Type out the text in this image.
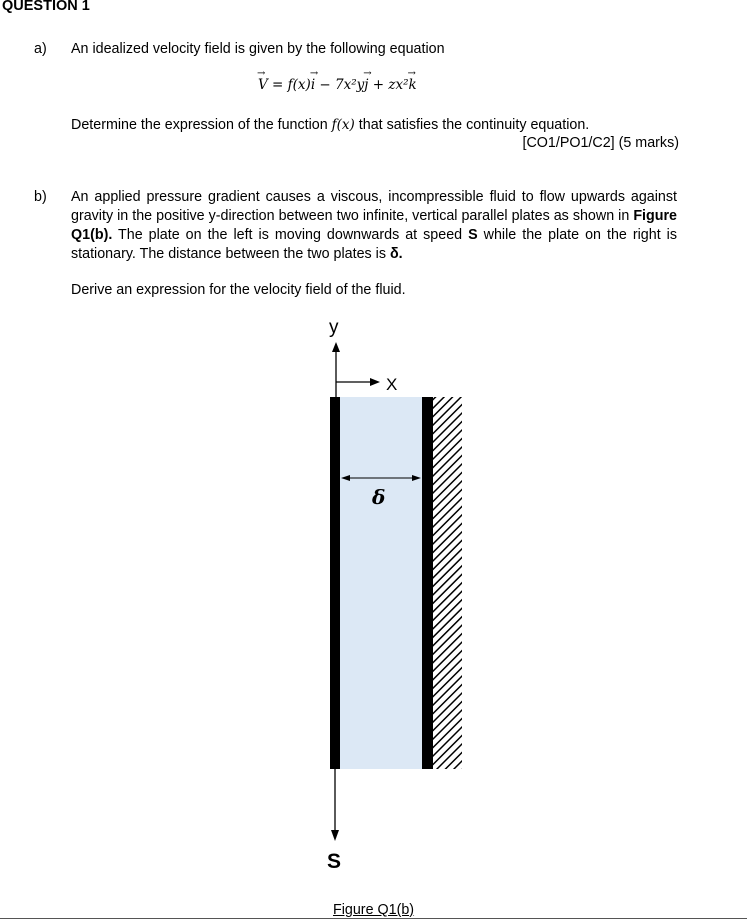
QUESTION 1
a) An idealized velocity field is given by the following equation
→ V = f(x)→ i − 7x²y→ j + zx²→ k
Determine the expression of the function f(x) that satisfies the continuity equation.
[CO1/PO1/C2] (5 marks)
b) An applied pressure gradient causes a viscous, incompressible fluid to flow upwards against gravity in the positive y-direction between two infinite, vertical parallel plates as shown in Figure Q1(b). The plate on the left is moving downwards at speed S while the plate on the right is stationary. The distance between the two plates is δ.
Derive an expression for the velocity field of the fluid.
y
X
δ
S
Figure Q1(b)
